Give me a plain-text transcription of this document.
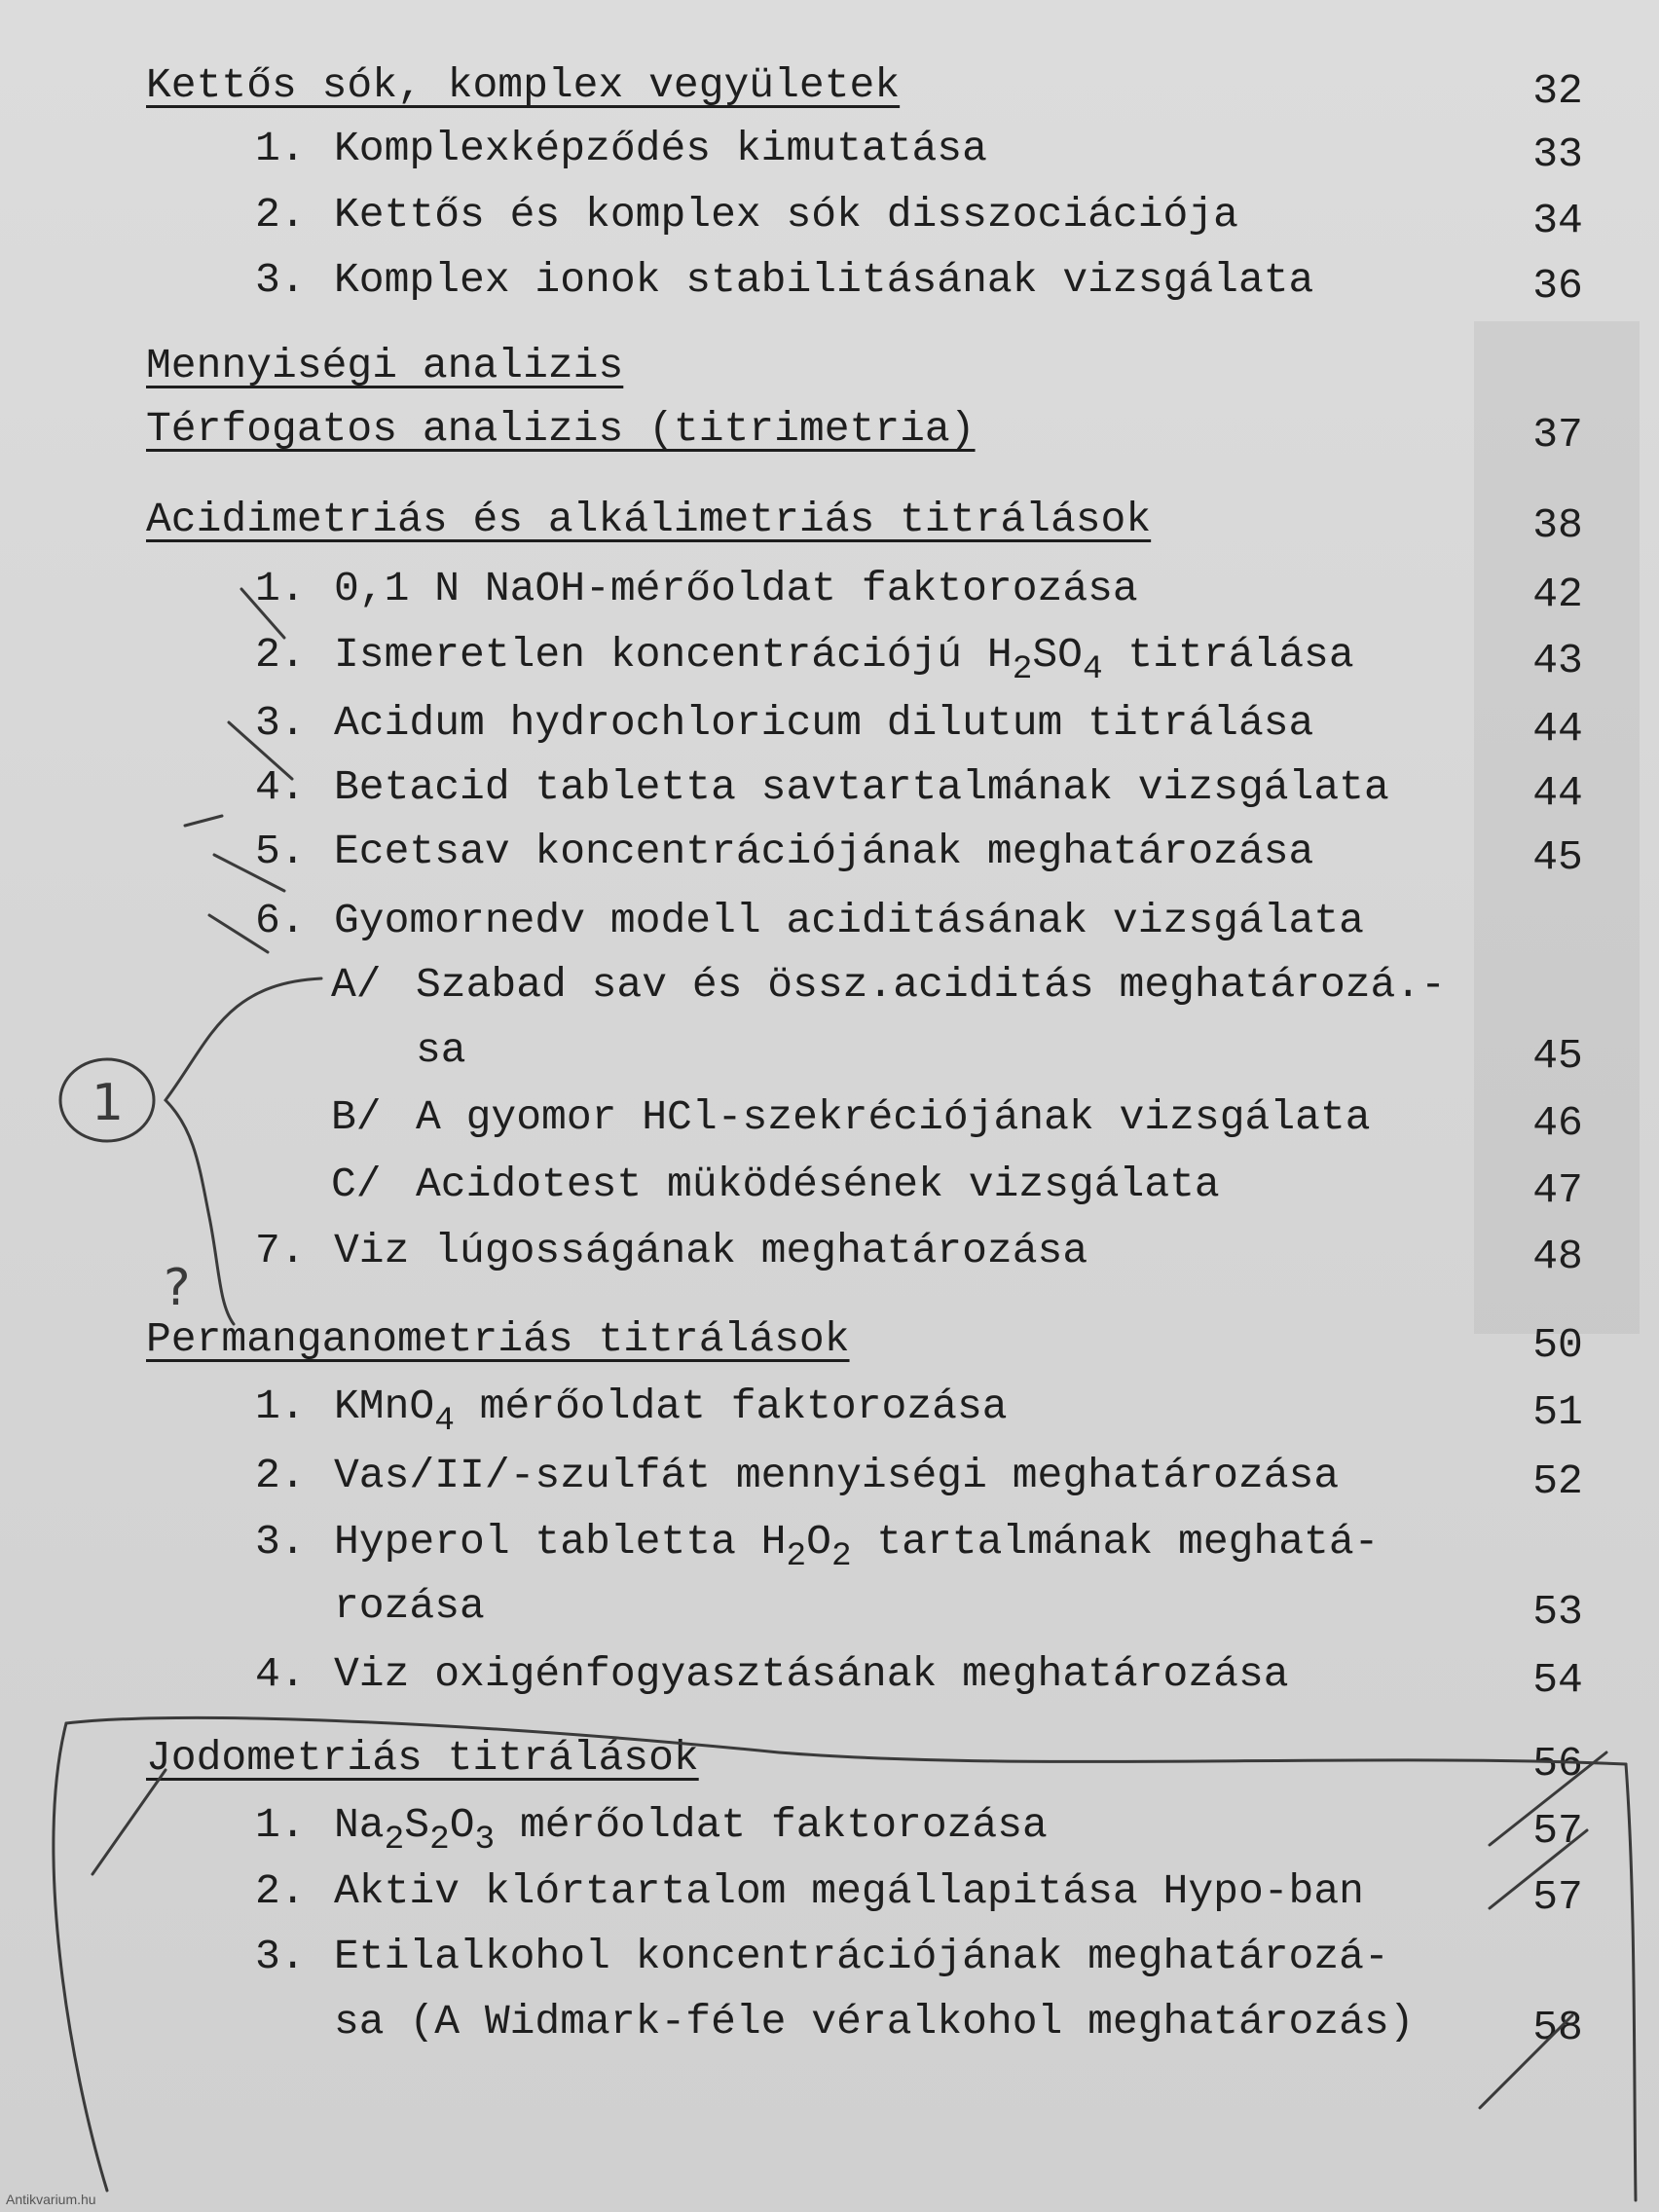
Kettős sók, komplex vegyületek	32
1. Komplexképződés kimutatása	33
2. Kettős és komplex sók disszociációja	34
3. Komplex ionok stabilitásának vizsgálata	36
Mennyiségi analizis
Térfogatos analizis (titrimetria)	37
Acidimetriás és alkálimetriás titrálások	38
1. 0,1 N NaOH-mérőoldat faktorozása	42
2. Ismeretlen koncentrációjú $H_2SO_4$ titrálása	43
3. Acidum hydrochloricum dilutum titrálása	44
4. Betacid tabletta savtartalmának vizsgálata	44
5. Ecetsav koncentrációjának meghatározása	45
6. Gyomornedv modell aciditásának vizsgálata
A/ Szabad sav és össz.aciditás meghatározá.-
sa	45
B/ A gyomor HCl-szekréciójának vizsgálata	46
C/ Acidotest müködésének vizsgálata	47
7. Viz lúgosságának meghatározása	48
Permanganometriás titrálások	50
1. KMnO$_4$ mérőoldat faktorozása	51
2. Vas/II/-szulfát mennyiségi meghatározása	52
3. Hyperol tabletta $H_2O_2$ tartalmának meghatá-
rozása	53
4. Viz oxigénfogyasztásának meghatározása	54
Jodometriás titrálások	56
1. $Na_2S_2O_3$ mérőoldat faktorozása	57
2. Aktiv klórtartalom megállapitása Hypo-ban	57
3. Etilalkohol koncentrációjának meghatározá-
sa (A Widmark-féle véralkohol meghatározás)	58
1
?
Antikvarium.hu
